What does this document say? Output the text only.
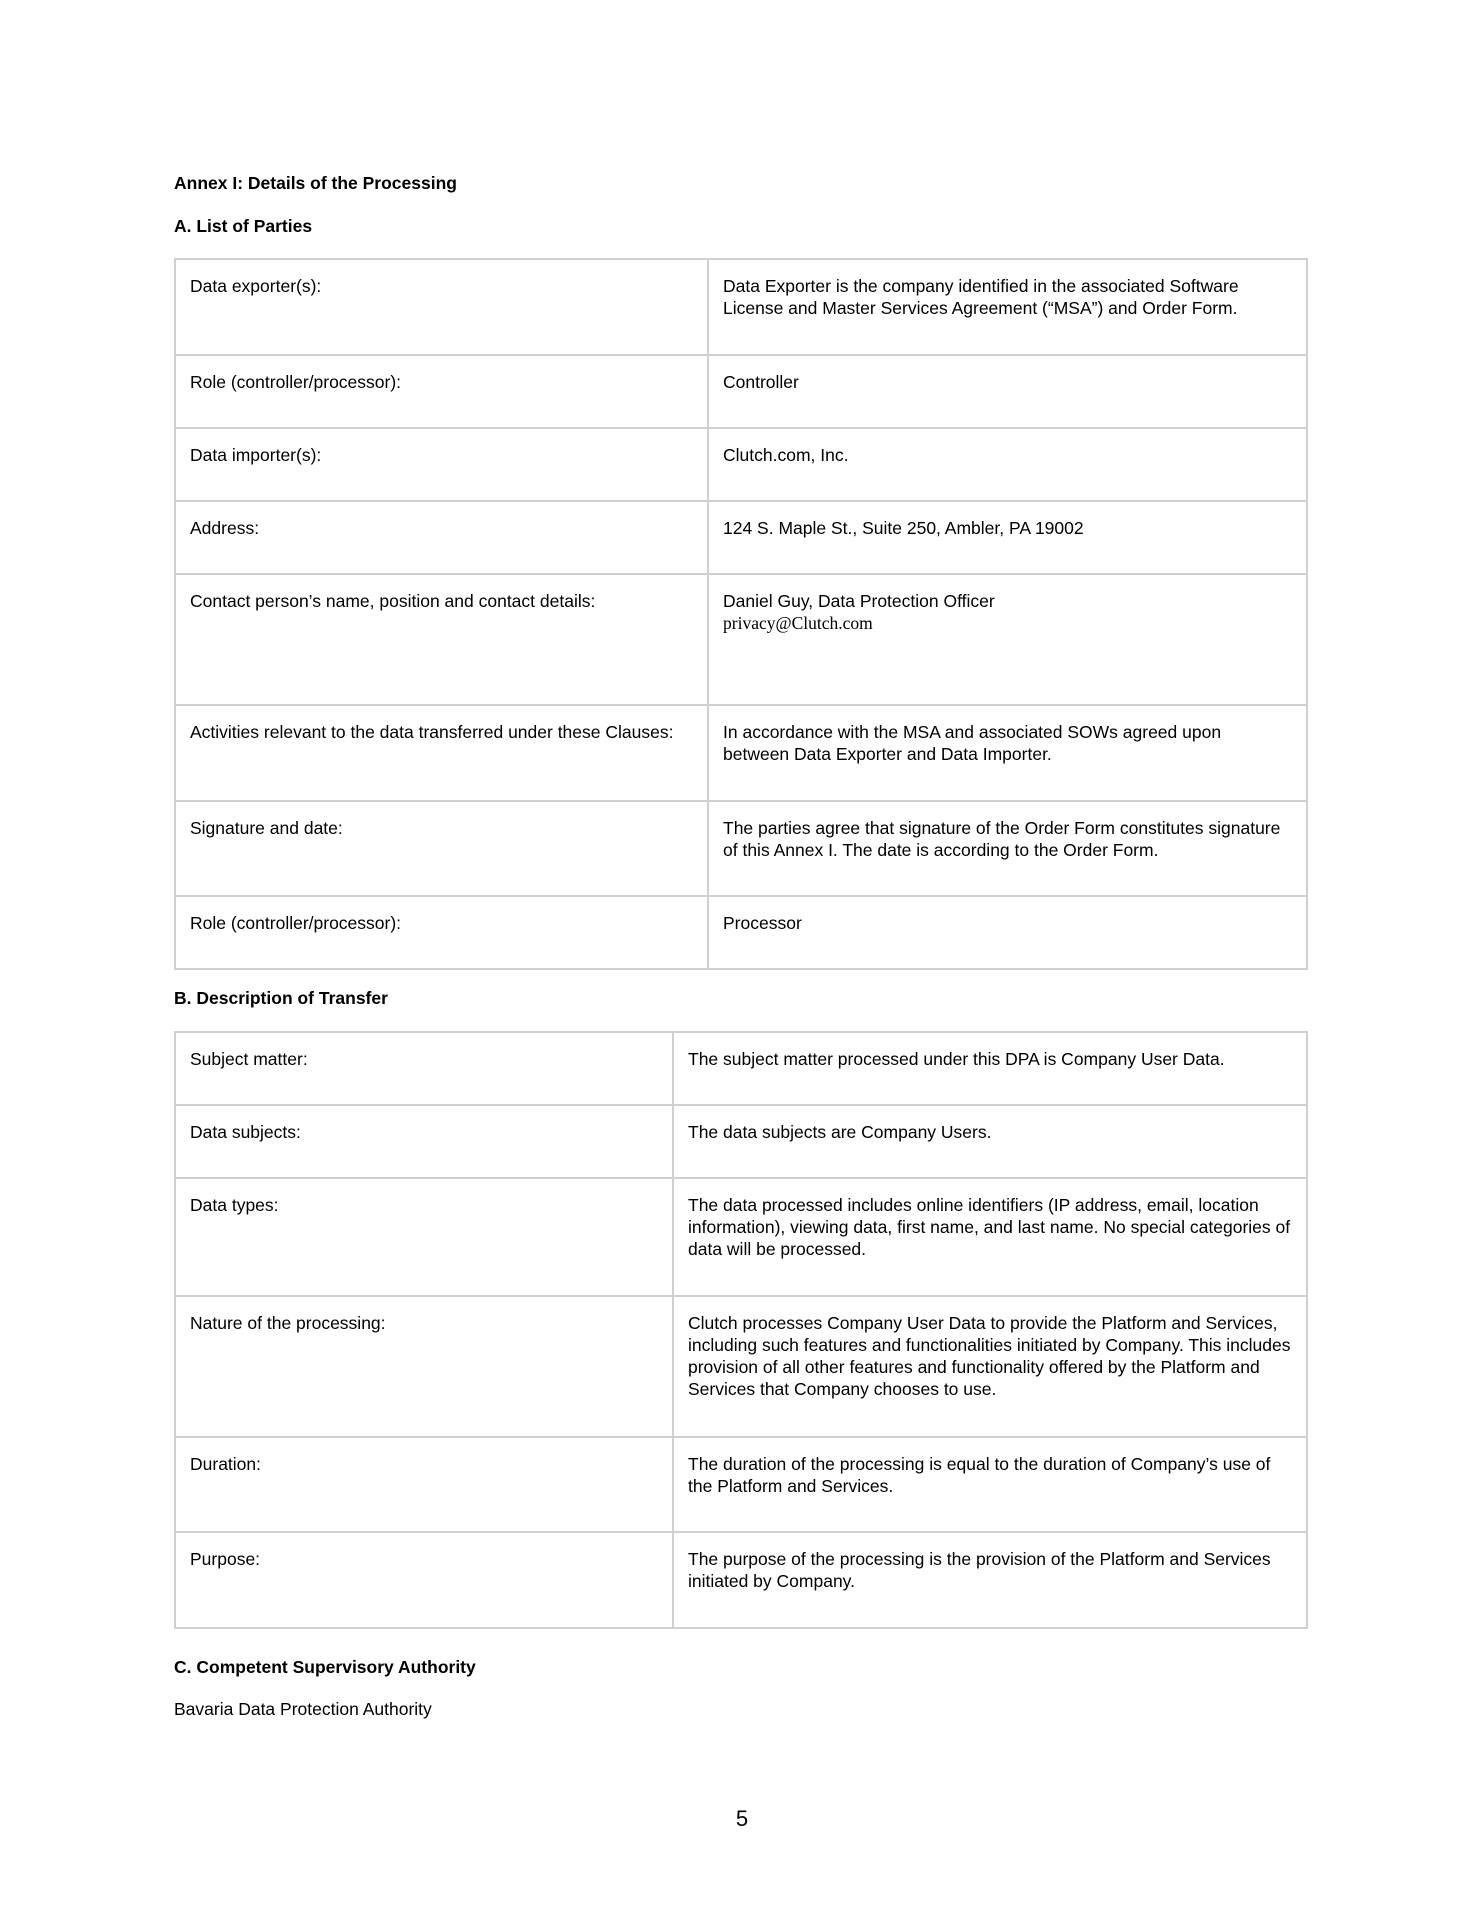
Annex I: Details of the Processing
A. List of Parties
Data exporter(s):	Data Exporter is the company identified in the associated Software License and Master Services Agreement (“MSA”) and Order Form.
Role (controller/processor):	Controller
Data importer(s):	Clutch.com, Inc.
Address:	124 S. Maple St., Suite 250, Ambler, PA 19002
Contact person’s name, position and contact details:	Daniel Guy, Data Protection Officer
privacy@Clutch.com

Activities relevant to the data transferred under these Clauses:	In accordance with the MSA and associated SOWs agreed upon between Data Exporter and Data Importer.
Signature and date:	The parties agree that signature of the Order Form constitutes signature of this Annex I. The date is according to the Order Form.
Role (controller/processor):	Processor
B. Description of Transfer
Subject matter:	The subject matter processed under this DPA is Company User Data.
Data subjects:	The data subjects are Company Users.
Data types:	The data processed includes online identifiers (IP address, email, location information), viewing data, first name, and last name. No special categories of data will be processed.
Nature of the processing:	Clutch processes Company User Data to provide the Platform and Services, including such features and functionalities initiated by Company. This includes provision of all other features and functionality offered by the Platform and Services that Company chooses to use.
Duration:	The duration of the processing is equal to the duration of Company’s use of the Platform and Services.
Purpose:	The purpose of the processing is the provision of the Platform and Services initiated by Company.
C. Competent Supervisory Authority
Bavaria Data Protection Authority
5
